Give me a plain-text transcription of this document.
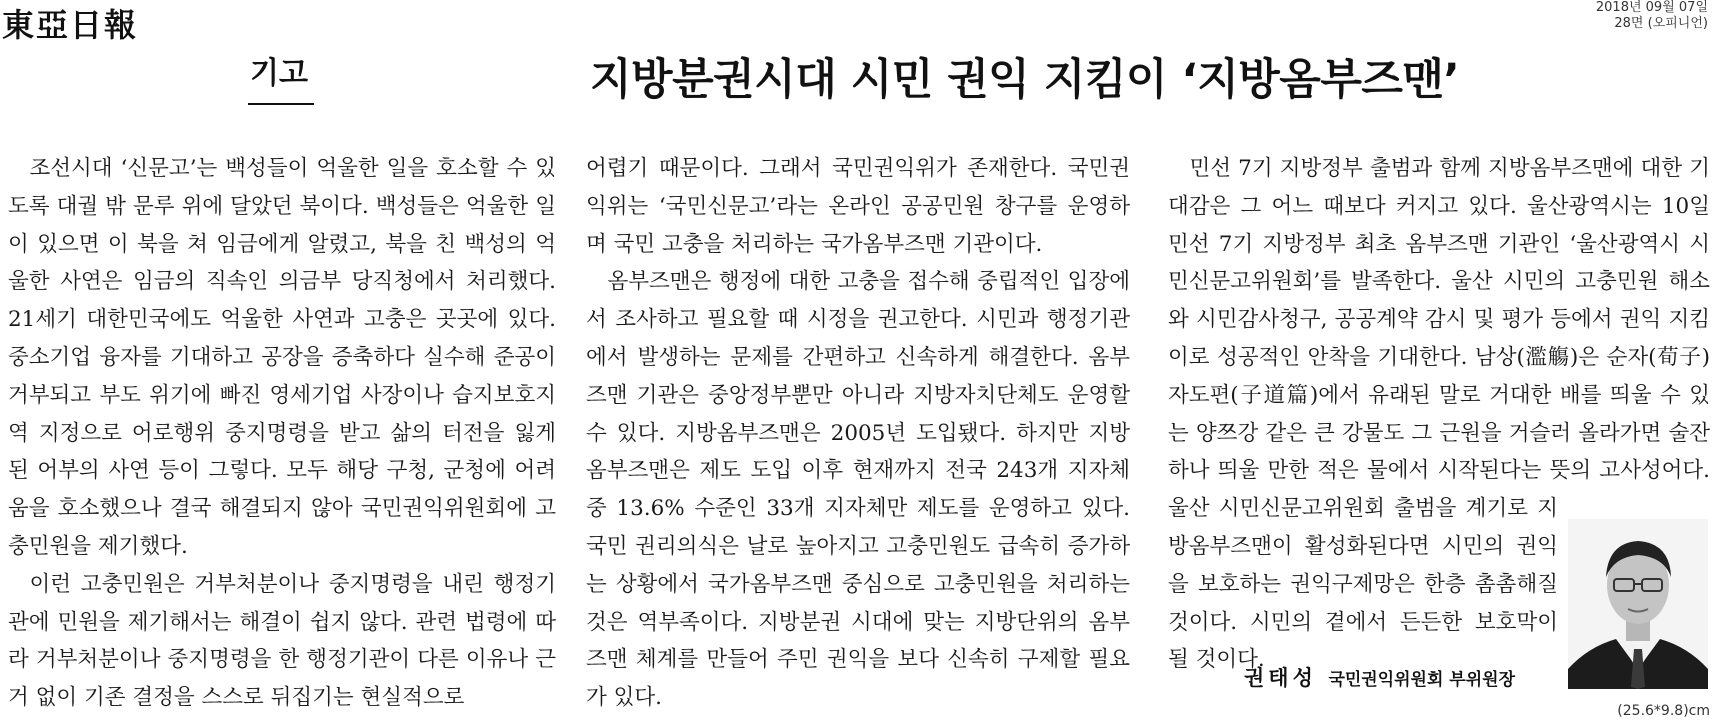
東亞日報	2018년 09월 07일
28면 (오피니언)
기고	지방분권시대 시민 권익 지킴이 ‘지방옴부즈맨’

조선시대 ‘신문고’는 백성들이 억울한 일을 호소할 수 있도록 대궐 밖 문루 위에 달았던 북이다. 백성들은 억울한 일이 있으면 이 북을 쳐 임금에게 알렸고, 북을 친 백성의 억울한 사연은 임금의 직속인 의금부 당직청에서 처리했다. 21세기 대한민국에도 억울한 사연과 고충은 곳곳에 있다. 중소기업 융자를 기대하고 공장을 증축하다 실수해 준공이 거부되고 부도 위기에 빠진 영세기업 사장이나 습지보호지역 지정으로 어로행위 중지명령을 받고 삶의 터전을 잃게 된 어부의 사연 등이 그렇다. 모두 해당 구청, 군청에 어려움을 호소했으나 결국 해결되지 않아 국민권익위원회에 고충민원을 제기했다.

이런 고충민원은 거부처분이나 중지명령을 내린 행정기관에 민원을 제기해서는 해결이 쉽지 않다. 관련 법령에 따라 거부처분이나 중지명령을 한 행정기관이 다른 이유나 근거 없이 기존 결정을 스스로 뒤집기는 현실적으로

어렵기 때문이다. 그래서 국민권익위가 존재한다. 국민권익위는 ‘국민신문고’라는 온라인 공공민원 창구를 운영하며 국민 고충을 처리하는 국가옴부즈맨 기관이다.

옴부즈맨은 행정에 대한 고충을 접수해 중립적인 입장에서 조사하고 필요할 때 시정을 권고한다. 시민과 행정기관에서 발생하는 문제를 간편하고 신속하게 해결한다. 옴부즈맨 기관은 중앙정부뿐만 아니라 지방자치단체도 운영할 수 있다. 지방옴부즈맨은 2005년 도입됐다. 하지만 지방옴부즈맨은 제도 도입 이후 현재까지 전국 243개 지자체 중 13.6% 수준인 33개 지자체만 제도를 운영하고 있다. 국민 권리의식은 날로 높아지고 고충민원도 급속히 증가하는 상황에서 국가옴부즈맨 중심으로 고충민원을 처리하는 것은 역부족이다. 지방분권 시대에 맞는 지방단위의 옴부즈맨 체계를 만들어 주민 권익을 보다 신속히 구제할 필요가 있다.

민선 7기 지방정부 출범과 함께 지방옴부즈맨에 대한 기대감은 그 어느 때보다 커지고 있다. 울산광역시는 10일 민선 7기 지방정부 최초 옴부즈맨 기관인 ‘울산광역시 시민신문고위원회’를 발족한다. 울산 시민의 고충민원 해소와 시민감사청구, 공공계약 감시 및 평가 등에서 권익 지킴이로 성공적인 안착을 기대한다. 남상(濫觴)은 순자(荀子) 자도편(子道篇)에서 유래된 말로 거대한 배를 띄울 수 있는 양쯔강 같은 큰 강물도 그 근원을 거슬러 올라가면 술잔 하나 띄울 만한 적은 물에서 시작된다는 뜻의 고사성어다. 울산 시민신문고위원회 출범을 계기로 지방옴부즈맨이 활성화된다면 시민의 권익을 보호하는 권익구제망은 한층 촘촘해질 것이다. 시민의 곁에서 든든한 보호막이 될 것이다.

권태성 국민권익위원회 부위원장
(25.6*9.8)cm
